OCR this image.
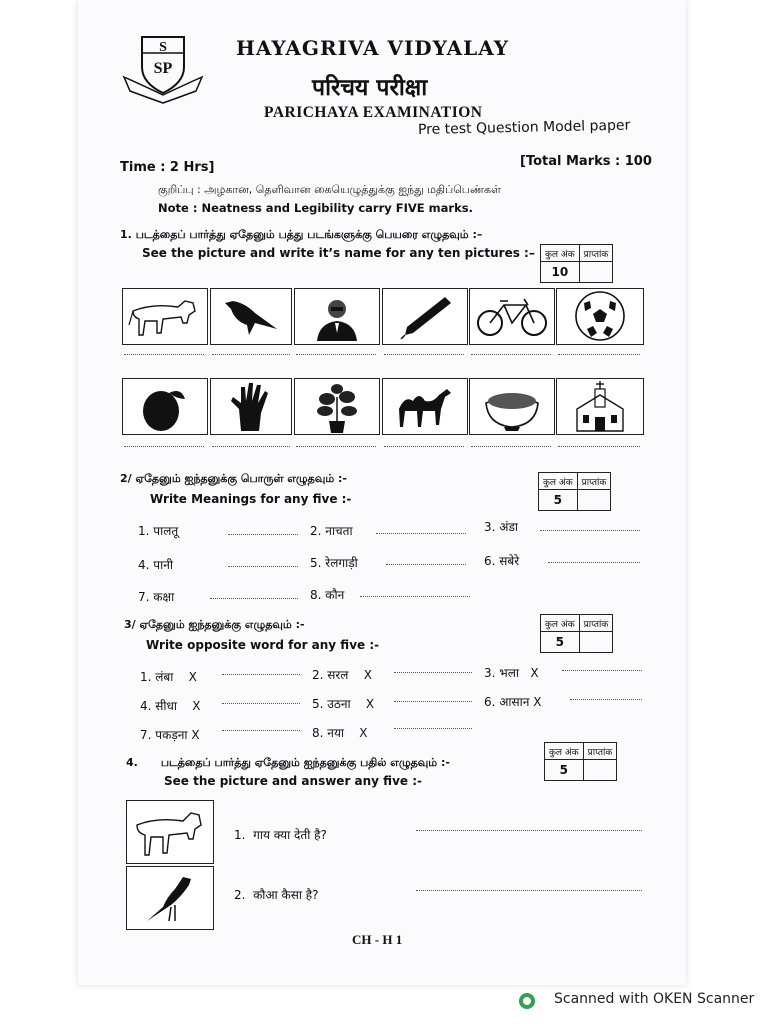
S
SP
HAYAGRIVA VIDYALAY
परिचय परीक्षा
PARICHAYA EXAMINATION
Pre test Question Model paper
Time : 2 Hrs]	[Total Marks : 100
குறிப்பு : அழகான, தெளிவான கையெழுத்துக்கு ஐந்து மதிப்பெண்கள்
Note : Neatness and Legibility carry FIVE marks.
1. படத்தைப் பார்த்து ஏதேனும் பத்து படங்களுக்கு பெயரை எழுதவும் :–
See the picture and write it’s name for any ten pictures :– कुल अंक	प्राप्तांक
10	
2/ ஏதேனும் ஐந்தனுக்கு பொருள் எழுதவும் :-
Write Meanings for any five :-
कुल अंक	प्राप्तांक
5	
1. पालतू	2. नाचता	3. अंडा
4. पानी	5. रेलगाड़ी	6. सबेरे
7. कक्षा	8. कौन
3/ ஏதேனும் ஐந்தனுக்கு எழுதவும் :-
Write opposite word for any five :-
कुल अंक	प्राप्तांक
5	
1. लंबा X	2. सरल X	3. भला X
4. सीधा X	5. उठना X	6. आसान X
7. पकड़ना X	8. नया X
4. படத்தைப் பார்த்து ஏதேனும் ஐந்தனுக்கு பதில் எழுதவும் :-
See the picture and answer any five :-
कुल अंक	प्राप्तांक
5	
1. गाय क्या देती है?
2. कौआ कैसा है?
CH - H 1
Scanned with OKEN Scanner
